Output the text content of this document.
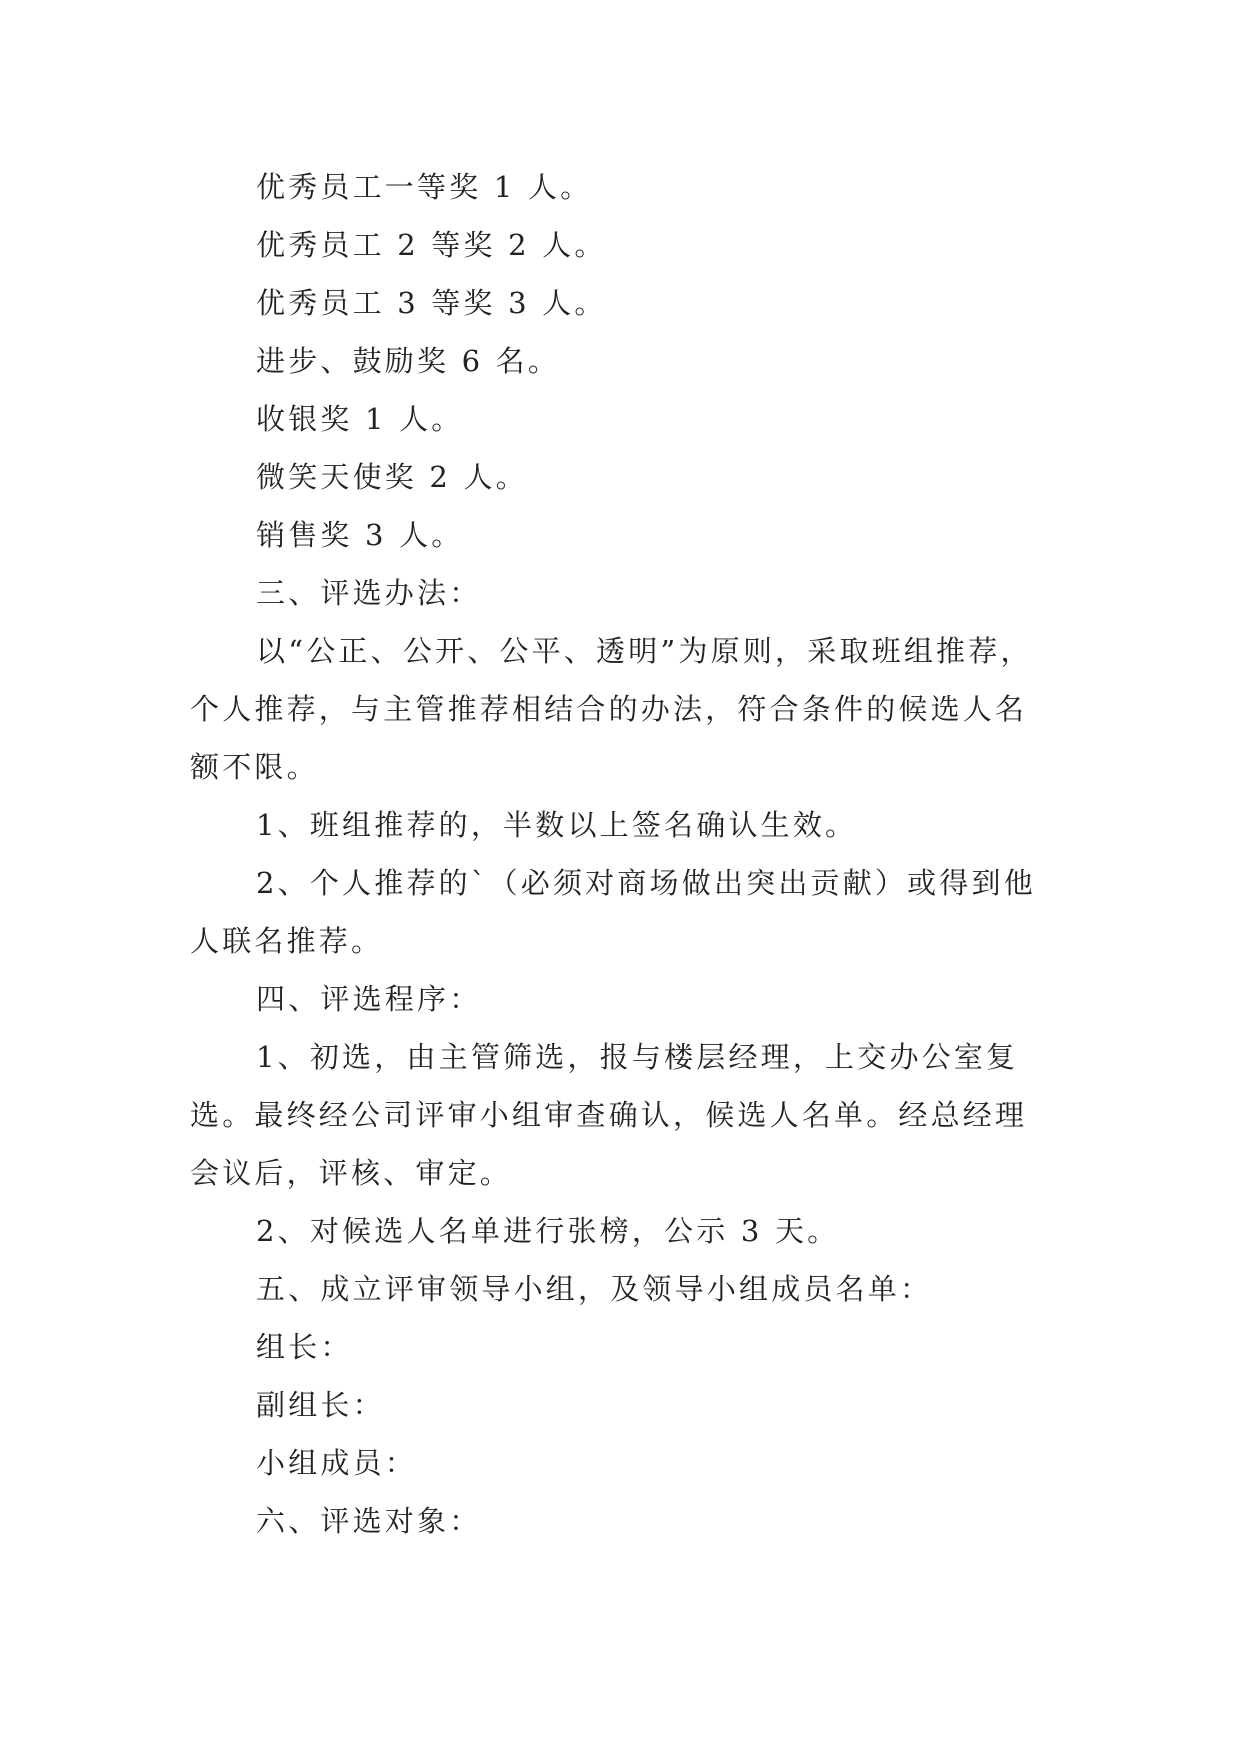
优秀员工一等奖 1 人。

优秀员工 2 等奖 2 人。

优秀员工 3 等奖 3 人。

进步、鼓励奖 6 名。

收银奖 1 人。

微笑天使奖 2 人。

销售奖 3 人。

三、评选办法：

以“公正、公开、公平、透明”为原则，采取班组推荐，个人推荐，与主管推荐相结合的办法，符合条件的候选人名额不限。

1、班组推荐的，半数以上签名确认生效。

2、个人推荐的`（必须对商场做出突出贡献）或得到他人联名推荐。

四、评选程序：

1、初选，由主管筛选，报与楼层经理，上交办公室复选。最终经公司评审小组审查确认，候选人名单。经总经理会议后，评核、审定。

2、对候选人名单进行张榜，公示 3 天。

五、成立评审领导小组，及领导小组成员名单：

组长：

副组长：

小组成员：

六、评选对象：
